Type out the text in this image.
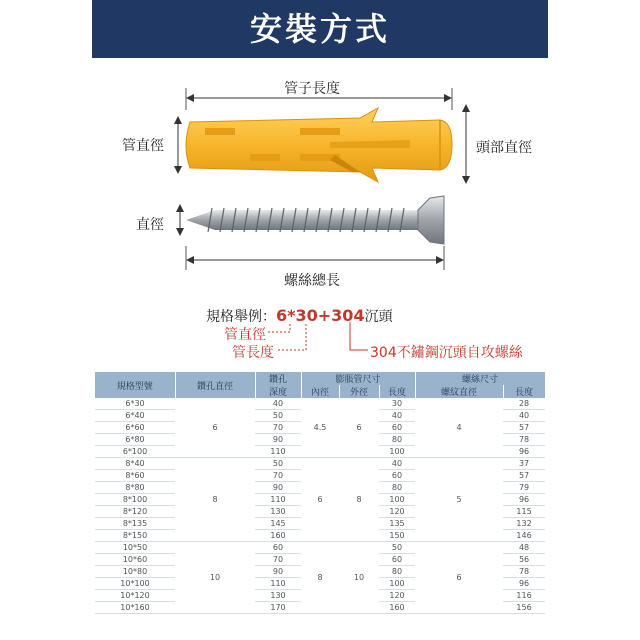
安裝方式
管子長度
管直徑	頭部直徑
直徑
螺絲總長
規格舉例：6*30+304沉頭
管直徑
管長度	304不鏽鋼沉頭自攻螺絲
規格型號	鑽孔直徑	鑽孔	膨脹管尺寸			螺絲尺寸	
		深度	內徑	外徑	長度	螺紋直徑	長度
6*30	6	40	4.5	6	30	4	28
6*40		50			40		40
6*60		70			60		57
6*80		90			80		78
6*100		110			100		96
8*40	8	50	6	8	40	5	37
8*60		70			60		57
8*80		90			80		79
8*100		110			100		96
8*120		130			120		115
8*135		145			135		132
8*150		160			150		146
10*50	10	60	8	10	50	6	48
10*60		70			60		56
10*80		90			80		78
10*100		110			100		96
10*120		130			120		116
10*160		170			160		156
